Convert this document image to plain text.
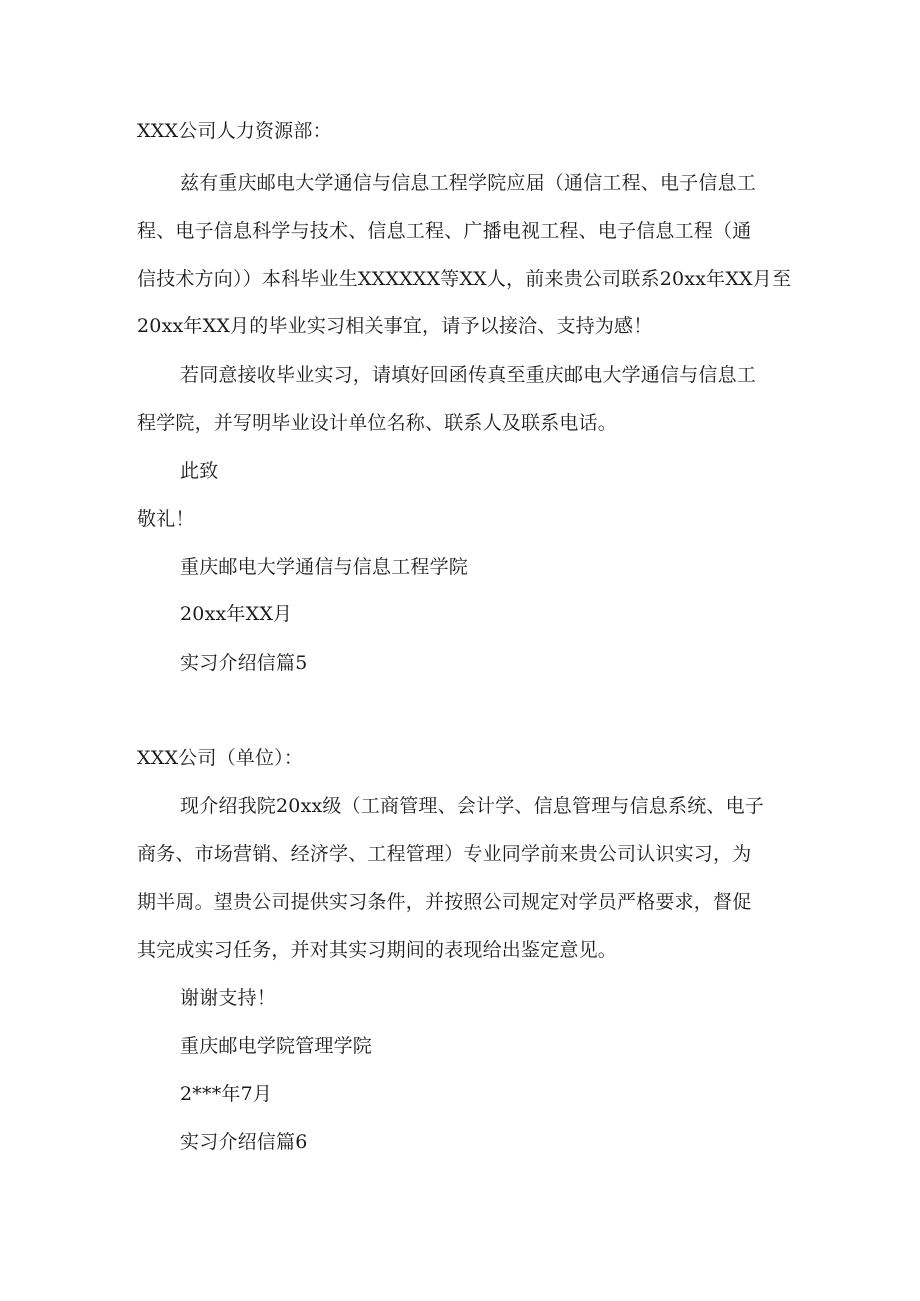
XXX公司人力资源部：
兹有重庆邮电大学通信与信息工程学院应届（通信工程、电子信息工
程、电子信息科学与技术、信息工程、广播电视工程、电子信息工程（通
信技术方向））本科毕业生XXXXXX等XX人，前来贵公司联系20xx年XX月至
20xx年XX月的毕业实习相关事宜，请予以接洽、支持为感！
若同意接收毕业实习，请填好回函传真至重庆邮电大学通信与信息工
程学院，并写明毕业设计单位名称、联系人及联系电话。
此致
敬礼！
重庆邮电大学通信与信息工程学院
20xx年XX月
实习介绍信篇5
XXX公司（单位）：
现介绍我院20xx级（工商管理、会计学、信息管理与信息系统、电子
商务、市场营销、经济学、工程管理）专业同学前来贵公司认识实习，为
期半周。望贵公司提供实习条件，并按照公司规定对学员严格要求，督促
其完成实习任务，并对其实习期间的表现给出鉴定意见。
谢谢支持！
重庆邮电学院管理学院
2***年7月
实习介绍信篇6
